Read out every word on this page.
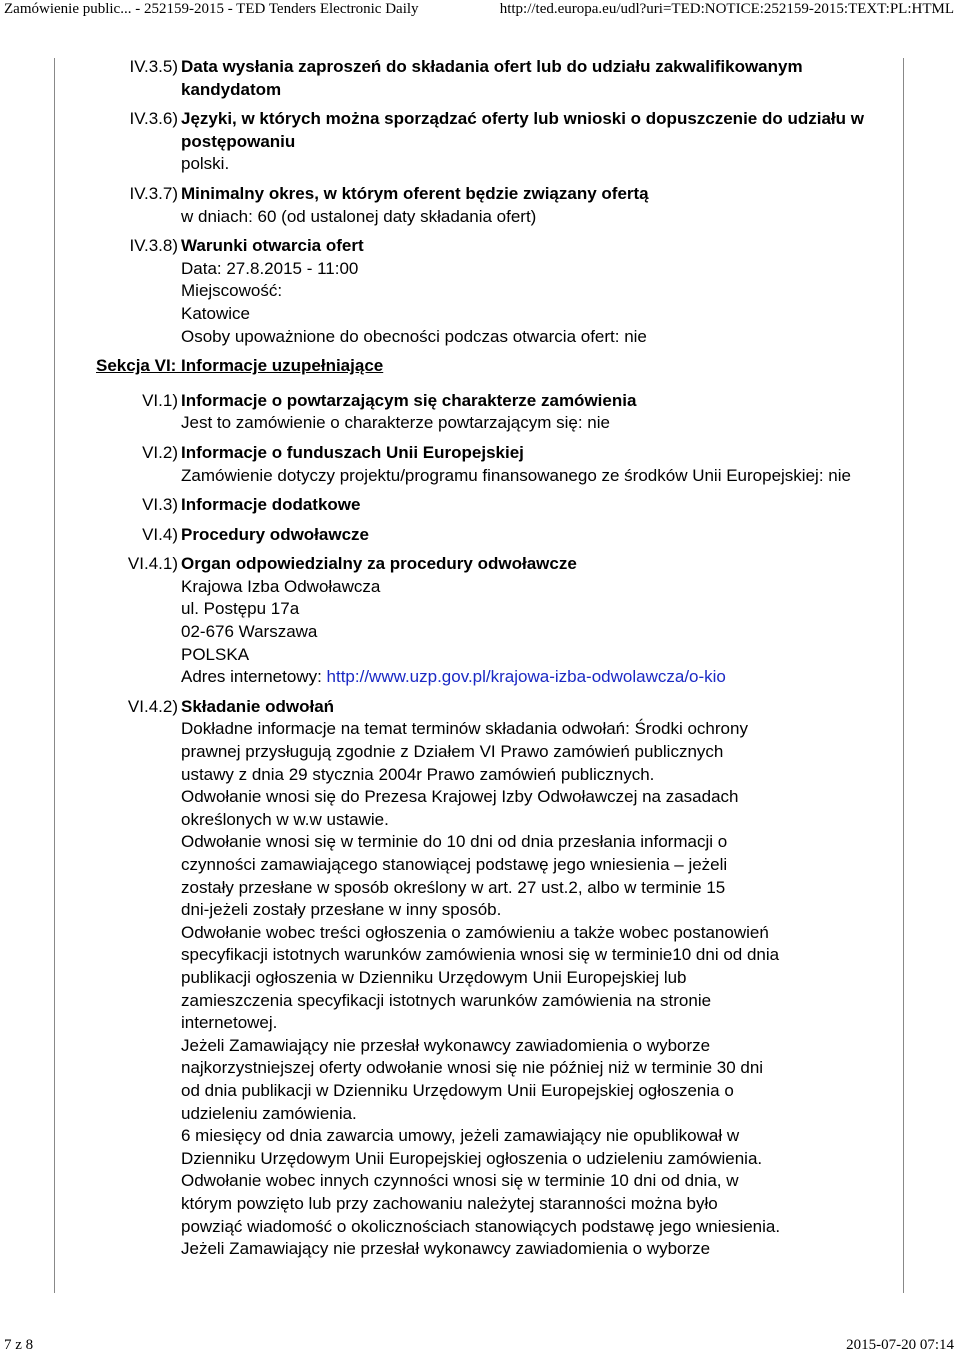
Zamówienie public... - 252159-2015 - TED Tenders Electronic Daily	http://ted.europa.eu/udl?uri=TED:NOTICE:252159-2015:TEXT:PL:HTML
IV.3.5) Data wysłania zaproszeń do składania ofert lub do udziału zakwalifikowanym kandydatom
IV.3.6) Języki, w których można sporządzać oferty lub wnioski o dopuszczenie do udziału w postępowaniu
polski.
IV.3.7) Minimalny okres, w którym oferent będzie związany ofertą
w dniach: 60 (od ustalonej daty składania ofert)
IV.3.8) Warunki otwarcia ofert
Data: 27.8.2015 - 11:00
Miejscowość:
Katowice
Osoby upoważnione do obecności podczas otwarcia ofert: nie
Sekcja VI: Informacje uzupełniające
VI.1) Informacje o powtarzającym się charakterze zamówienia
Jest to zamówienie o charakterze powtarzającym się: nie
VI.2) Informacje o funduszach Unii Europejskiej
Zamówienie dotyczy projektu/programu finansowanego ze środków Unii Europejskiej: nie
VI.3) Informacje dodatkowe
VI.4) Procedury odwoławcze
VI.4.1) Organ odpowiedzialny za procedury odwoławcze
Krajowa Izba Odwoławcza
ul. Postępu 17a
02-676 Warszawa
POLSKA
Adres internetowy: http://www.uzp.gov.pl/krajowa-izba-odwolawcza/o-kio
VI.4.2) Składanie odwołań
Dokładne informacje na temat terminów składania odwołań: Środki ochrony
prawnej przysługują zgodnie z Działem VI Prawo zamówień publicznych
ustawy z dnia 29 stycznia 2004r Prawo zamówień publicznych.
Odwołanie wnosi się do Prezesa Krajowej Izby Odwoławczej na zasadach
określonych w w.w ustawie.
Odwołanie wnosi się w terminie do 10 dni od dnia przesłania informacji o
czynności zamawiającego stanowiącej podstawę jego wniesienia – jeżeli
zostały przesłane w sposób określony w art. 27 ust.2, albo w terminie 15
dni-jeżeli zostały przesłane w inny sposób.
Odwołanie wobec treści ogłoszenia o zamówieniu a także wobec postanowień
specyfikacji istotnych warunków zamówienia wnosi się w terminie10 dni od dnia
publikacji ogłoszenia w Dzienniku Urzędowym Unii Europejskiej lub
zamieszczenia specyfikacji istotnych warunków zamówienia na stronie
internetowej.
Jeżeli Zamawiający nie przesłał wykonawcy zawiadomienia o wyborze
najkorzystniejszej oferty odwołanie wnosi się nie później niż w terminie 30 dni
od dnia publikacji w Dzienniku Urzędowym Unii Europejskiej ogłoszenia o
udzieleniu zamówienia.
6 miesięcy od dnia zawarcia umowy, jeżeli zamawiający nie opublikował w
Dzienniku Urzędowym Unii Europejskiej ogłoszenia o udzieleniu zamówienia.
Odwołanie wobec innych czynności wnosi się w terminie 10 dni od dnia, w
którym powzięto lub przy zachowaniu należytej staranności można było
powziąć wiadomość o okolicznościach stanowiących podstawę jego wniesienia.
Jeżeli Zamawiający nie przesłał wykonawcy zawiadomienia o wyborze
7 z 8	2015-07-20 07:14
